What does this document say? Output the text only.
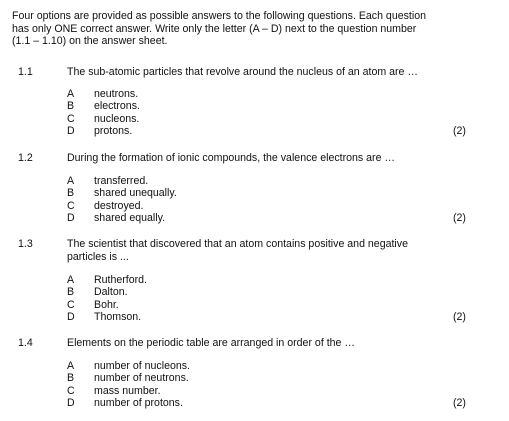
Four options are provided as possible answers to the following questions. Each question
has only ONE correct answer. Write only the letter (A – D) next to the question number
(1.1 – 1.10) on the answer sheet.
1.1	The sub-atomic particles that revolve around the nucleus of an atom are …
A	neutrons.
B	electrons.
C	nucleons.
D	protons.	(2)
1.2	During the formation of ionic compounds, the valence electrons are …
A	transferred.
B	shared unequally.
C	destroyed.
D	shared equally.	(2)
1.3	The scientist that discovered that an atom contains positive and negative
particles is ...
A	Rutherford.
B	Dalton.
C	Bohr.
D	Thomson.	(2)
1.4	Elements on the periodic table are arranged in order of the …
A	number of nucleons.
B	number of neutrons.
C	mass number.
D	number of protons.	(2)
